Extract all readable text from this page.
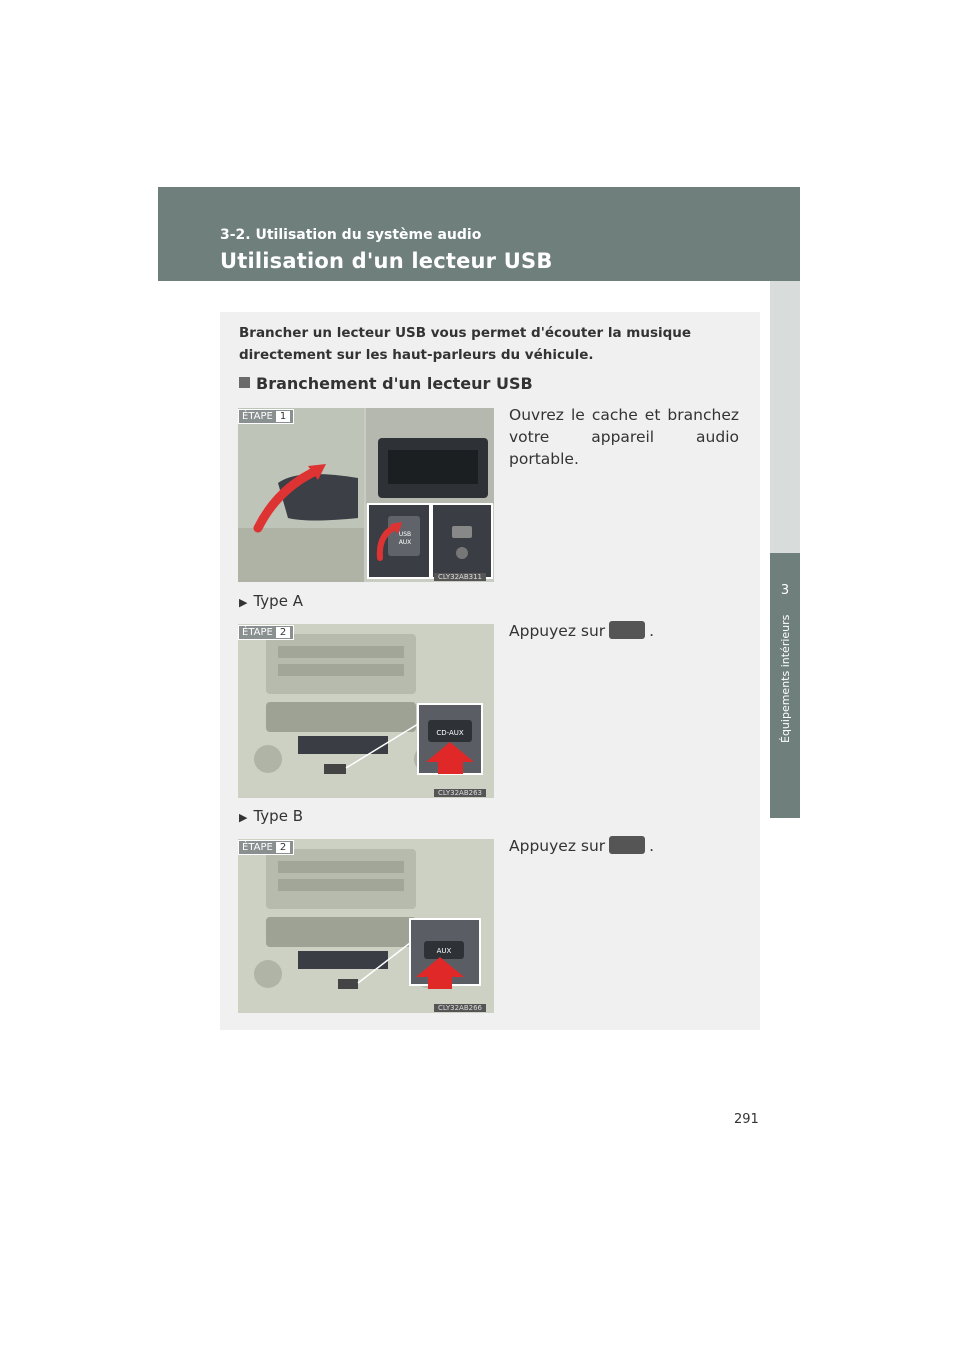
3-2. Utilisation du système audio
Utilisation d'un lecteur USB
3
Équipements intérieurs
Brancher un lecteur USB vous permet d'écouter la musique directement sur les haut-parleurs du véhicule.
Branchement d'un lecteur USB
ÉTAPE 1
USB AUX
CLY32AB311
Ouvrez le cache et branchez votre appareil audio portable.
▶ Type A
ÉTAPE 2
CD-AUX
CLY32AB263
Appuyez sur	.
▶ Type B
ÉTAPE 2
AUX
CLY32AB266
Appuyez sur	.
291
